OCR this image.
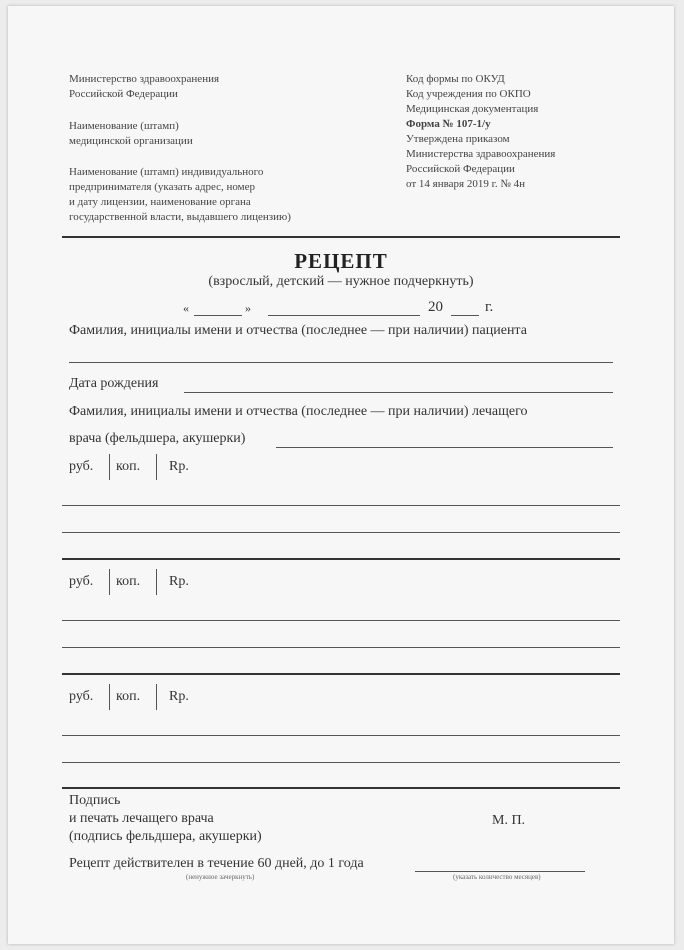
Министерство здравоохранения
Российской Федерации
Наименование (штамп)
медицинской организации
Наименование (штамп) индивидуального
предпринимателя (указать адрес, номер
и дату лицензии, наименование органа
государственной власти, выдавшего лицензию)
Код формы по ОКУД
Код учреждения по ОКПО
Медицинская документация
Форма № 107-1/у
Утверждена приказом
Министерства здравоохранения
Российской Федерации
от 14 января 2019 г. № 4н
РЕЦЕПТ
(взрослый, детский — нужное подчеркнуть)
«	»	20	г.
Фамилия, инициалы имени и отчества (последнее — при наличии) пациента
Дата рождения
Фамилия, инициалы имени и отчества (последнее — при наличии) лечащего
врача (фельдшера, акушерки)
руб. коп. Rp.
руб. коп. Rp.
руб. коп. Rp.
Подпись
и печать лечащего врача
(подпись фельдшера, акушерки)
М. П.
Рецепт действителен в течение 60 дней, до 1 года
(ненужное зачеркнуть)	(указать количество месяцев)
